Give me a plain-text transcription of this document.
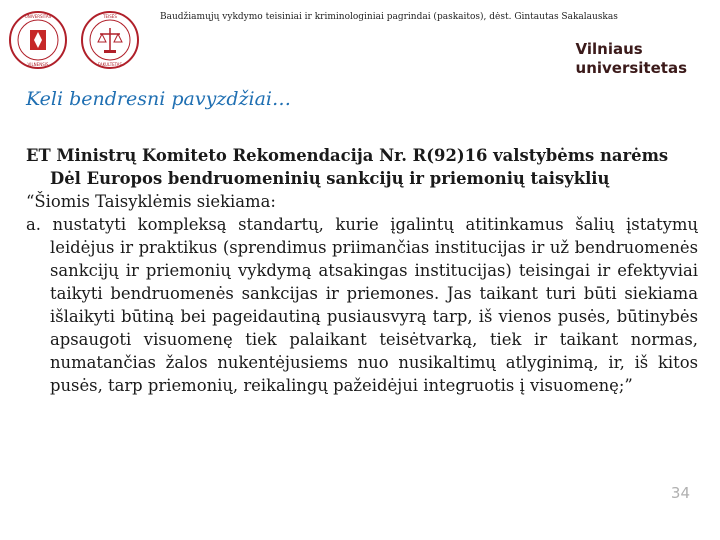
Baudžiamųjų vykdymo teisiniai ir kriminologiniai pagrindai (paskaitos), dėst. Gintautas Sakalauskas
UNIVERSITAS
VILNENSIS
TEISĖS
FAKULTETAS
Vilniaus
universitetas
Keli bendresni pavyzdžiai…

ET Ministrų Komiteto Rekomendacija Nr. R(92)16 valstybėms narėms Dėl Europos bendruomeninių sankcijų ir priemonių taisyklių

“Šiomis Taisyklėmis siekiama:

a. nustatyti kompleksą standartų, kurie įgalintų atitinkamus šalių įstatymų leidėjus ir praktikus (sprendimus priimančias institucijas ir už bendruomenės sankcijų ir priemonių vykdymą atsakingas institucijas) teisingai ir efektyviai taikyti bendruomenės sankcijas ir priemones. Jas taikant turi būti siekiama išlaikyti būtiną bei pageidautiną pusiausvyrą tarp, iš vienos pusės, būtinybės apsaugoti visuomenę tiek palaikant teisėtvarką, tiek ir taikant normas, numatančias žalos nukentėjusiems nuo nusikaltimų atlyginimą, ir, iš kitos pusės, tarp priemonių, reikalingų pažeidėjui integruotis į visuomenę;”

34
